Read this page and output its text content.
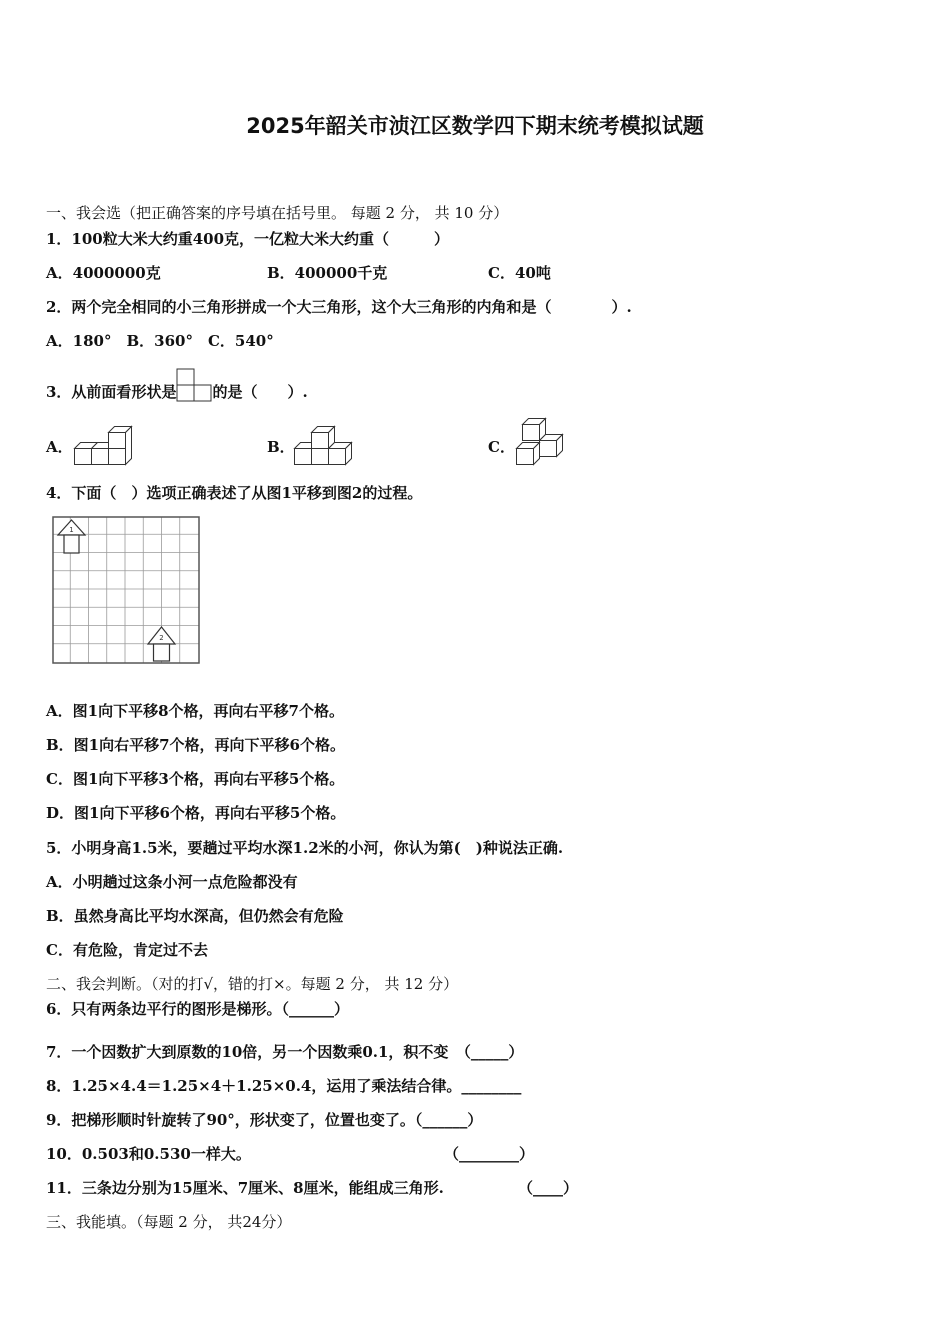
2025年韶关市浈江区数学四下期末统考模拟试题
一、我会选（把正确答案的序号填在括号里。 每题 2 分， 共 10 分）
1．100粒大米大约重400克，一亿粒大米大约重（　　　）
A．4000000克	B．400000千克	C．40吨
2．两个完全相同的小三角形拼成一个大三角形，这个大三角形的内角和是（　　　　）.
A．180°　B．360°　C．540°
3．从前面看形状是 的是（　　）.
A．	B．	C．
4．下面（　）选项正确表述了从图1平移到图2的过程。
1
2
A．图1向下平移8个格，再向右平移7个格。
B．图1向右平移7个格，再向下平移6个格。
C．图1向下平移3个格，再向右平移5个格。
D．图1向下平移6个格，再向右平移5个格。
5．小明身高1.5米，要趟过平均水深1.2米的小河，你认为第(　)种说法正确.
A．小明趟过这条小河一点危险都没有
B．虽然身高比平均水深高，但仍然会有危险
C．有危险，肯定过不去
二、我会判断。（对的打√，错的打×。每题 2 分， 共 12 分）
6．只有两条边平行的图形是梯形。（______）
7．一个因数扩大到原数的10倍，另一个因数乘0.1，积不变　（_____）
8．1.25×4.4＝1.25×4＋1.25×0.4，运用了乘法结合律。________
9．把梯形顺时针旋转了90°，形状变了，位置也变了。（______）
10．0.503和0.530一样大。	（________）
11．三条边分别为15厘米、7厘米、8厘米，能组成三角形.	（____）
三、我能填。（每题 2 分， 共24分）
